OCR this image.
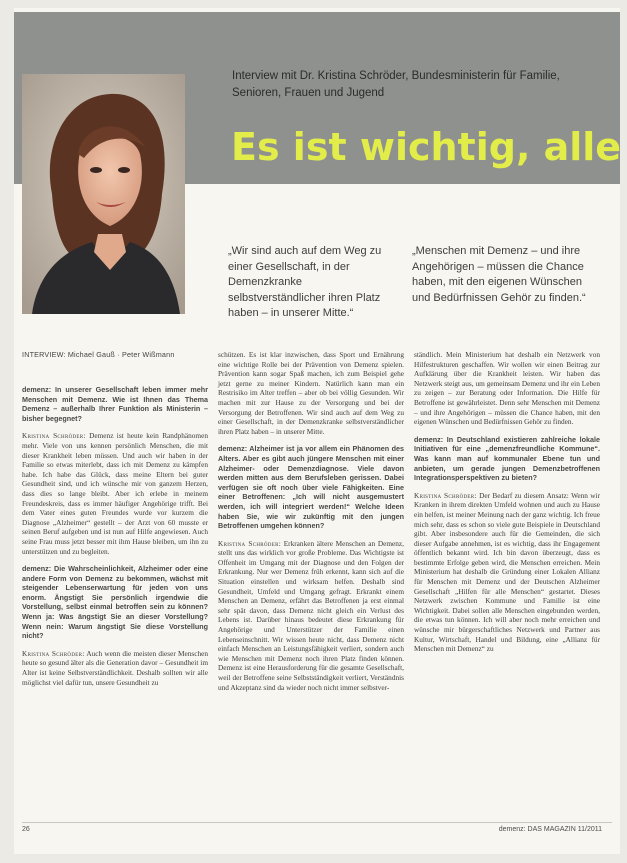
Interview mit Dr. Kristina Schröder, Bundesministerin für Familie, Senioren, Frauen und Jugend
Es ist wichtig, alle
„Wir sind auch auf dem Weg zu einer Gesellschaft, in der Demenzkranke selbstverständlicher ihren Platz haben – in unserer Mitte.“
„Menschen mit Demenz – und ihre Angehörigen – müssen die Chance haben, mit den eigenen Wünschen und Bedürfnissen Gehör zu finden.“
INTERVIEW: Michael Gauß · Peter Wißmann

demenz: In unserer Gesellschaft leben immer mehr Menschen mit Demenz. Wie ist Ihnen das Thema Demenz – außerhalb Ihrer Funktion als Ministerin – bisher begegnet?

Kristina Schröder: Demenz ist heute kein Randphänomen mehr. Viele von uns kennen persönlich Menschen, die mit dieser Krankheit leben müssen. Und auch wir haben in der Familie so etwas miterlebt, dass ich mit Demenz zu kämpfen habe. Ich habe das Glück, dass meine Eltern bei guter Gesundheit sind, und ich wünsche mir von ganzem Herzen, dass dies so lange bleibt. Aber ich erlebe in meinem Freundeskreis, dass es immer häufiger Angehörige trifft. Bei dem Vater eines guten Freundes wurde vor kurzem die Diagnose „Alzheimer“ gestellt – der Arzt von 60 musste er seinen Beruf aufgeben und ist nun auf Hilfe angewiesen. Auch seine Frau muss jetzt besser mit ihm Hause bleiben, um ihn zu unterstützen und zu begleiten.

demenz: Die Wahrscheinlichkeit, Alzheimer oder eine andere Form von Demenz zu bekommen, wächst mit steigender Lebenserwartung für jeden von uns enorm. Ängstigt Sie persönlich irgendwie die Vorstellung, selbst einmal betroffen sein zu können? Wenn ja: Was ängstigt Sie an dieser Vorstellung? Wenn nein: Warum ängstigt Sie diese Vorstellung nicht?

Kristina Schröder: Auch wenn die meisten dieser Menschen heute so gesund älter als die Generation davor – Gesundheit im Alter ist keine Selbstverständlichkeit. Deshalb sollten wir alle möglichst viel dafür tun, unsere Gesundheit zu

schützen. Es ist klar inzwischen, dass Sport und Ernährung eine wichtige Rolle bei der Prävention von Demenz spielen. Prävention kann sogar Spaß machen, ich zum Beispiel gehe jetzt gerne zu meiner Kindern. Natürlich kann man ein Restrisiko im Alter treffen – aber ob bei völlig Gesunden. Wir machen mit zur Hause zu der Versorgung und bei der Versorgung der Betroffenen. Wir sind auch auf dem Weg zu einer Gesellschaft, in der Demenzkranke selbstverständlicher ihren Platz haben – in unserer Mitte.

demenz: Alzheimer ist ja vor allem ein Phänomen des Alters. Aber es gibt auch jüngere Menschen mit einer Alzheimer- oder Demenzdiagnose. Viele davon werden mitten aus dem Berufsleben gerissen. Dabei verfügen sie oft noch über viele Fähigkeiten. Eine einer Betroffenen: „Ich will nicht ausgemustert werden, ich will integriert werden!“ Welche Ideen haben Sie, wie wir zukünftig mit den jungen Betroffenen umgehen können?

Kristina Schröder: Erkranken ältere Menschen an Demenz, stellt uns das wirklich vor große Probleme. Das Wichtigste ist Offenheit im Umgang mit der Diagnose und den Folgen der Erkrankung. Nur wer Demenz früh erkennt, kann sich auf die Situation einstellen und wirksam helfen. Deshalb sind Gesundheit, Umfeld und Umgang gefragt. Erkrankt einem Menschen an Demenz, erfährt das Betroffenen ja erst einmal sehr spät davon, dass Demenz nicht gleich ein Verlust des Lebens ist. Darüber hinaus bedeutet diese Erkrankung für Angehörige und Unterstützer der Familie einen Lebenseinschnitt. Wir wissen heute nicht, dass Demenz nicht einfach Menschen an Leistungsfähigkeit verliert, sondern auch wie Menschen mit Demenz noch ihren Platz finden können. Demenz ist eine Herausforderung für die gesamte Gesellschaft, weil der Betroffene seine Selbstständigkeit verliert, Verständnis und Akzeptanz sind da wieder noch nicht immer selbstver-

ständlich. Mein Ministerium hat deshalb ein Netzwerk von Hilfestrukturen geschaffen. Wir wollen wir einen Beitrag zur Aufklärung über die Krankheit leisten. Wir haben das Netzwerk steigt aus, um gemeinsam Demenz und ihr ein Leben zu zeigen – zur Beratung oder Information. Die Hilfe für Betroffene ist gewährleistet. Denn sehr Menschen mit Demenz – und ihre Angehörigen – müssen die Chance haben, mit den eigenen Wünschen und Bedürfnissen Gehör zu finden.

demenz: In Deutschland existieren zahlreiche lokale Initiativen für eine „demenzfreundliche Kommune“. Was kann man auf kommunaler Ebene tun und anbieten, um gerade jungen Demenzbetroffenen Integrationsperspektiven zu bieten?

Kristina Schröder: Der Bedarf zu diesem Ansatz: Wenn wir Kranken in ihrem direkten Umfeld wohnen und auch zu Hause ein helfen, ist meiner Meinung nach der ganz wichtig. Ich freue mich sehr, dass es schon so viele gute Beispiele in Deutschland gibt. Aber insbesondere auch für die Gemeinden, die sich dieser Aufgabe annehmen, ist es wichtig, dass ihr Engagement öffentlich bekannt wird. Ich bin davon überzeugt, dass es bestimmte Erfolge geben wird, die Menschen erreichen. Mein Ministerium hat deshalb die Gründung einer Lokalen Allianz für Menschen mit Demenz und der Deutschen Alzheimer Gesellschaft „Hilfen für alle Menschen“ gestartet. Dieses Netzwerk zwischen Kommune und Familie ist eine Wichtigkeit. Dabei sollen alle Menschen eingebunden werden, die etwas tun können. Ich will aber noch mehr erreichen und wünsche mir bürgerschaftliches Netzwerk und Partner aus Kultur, Wirtschaft, Handel und Bildung, eine „Allianz für Menschen mit Demenz“ zu

26	demenz: DAS MAGAZIN 11/2011
